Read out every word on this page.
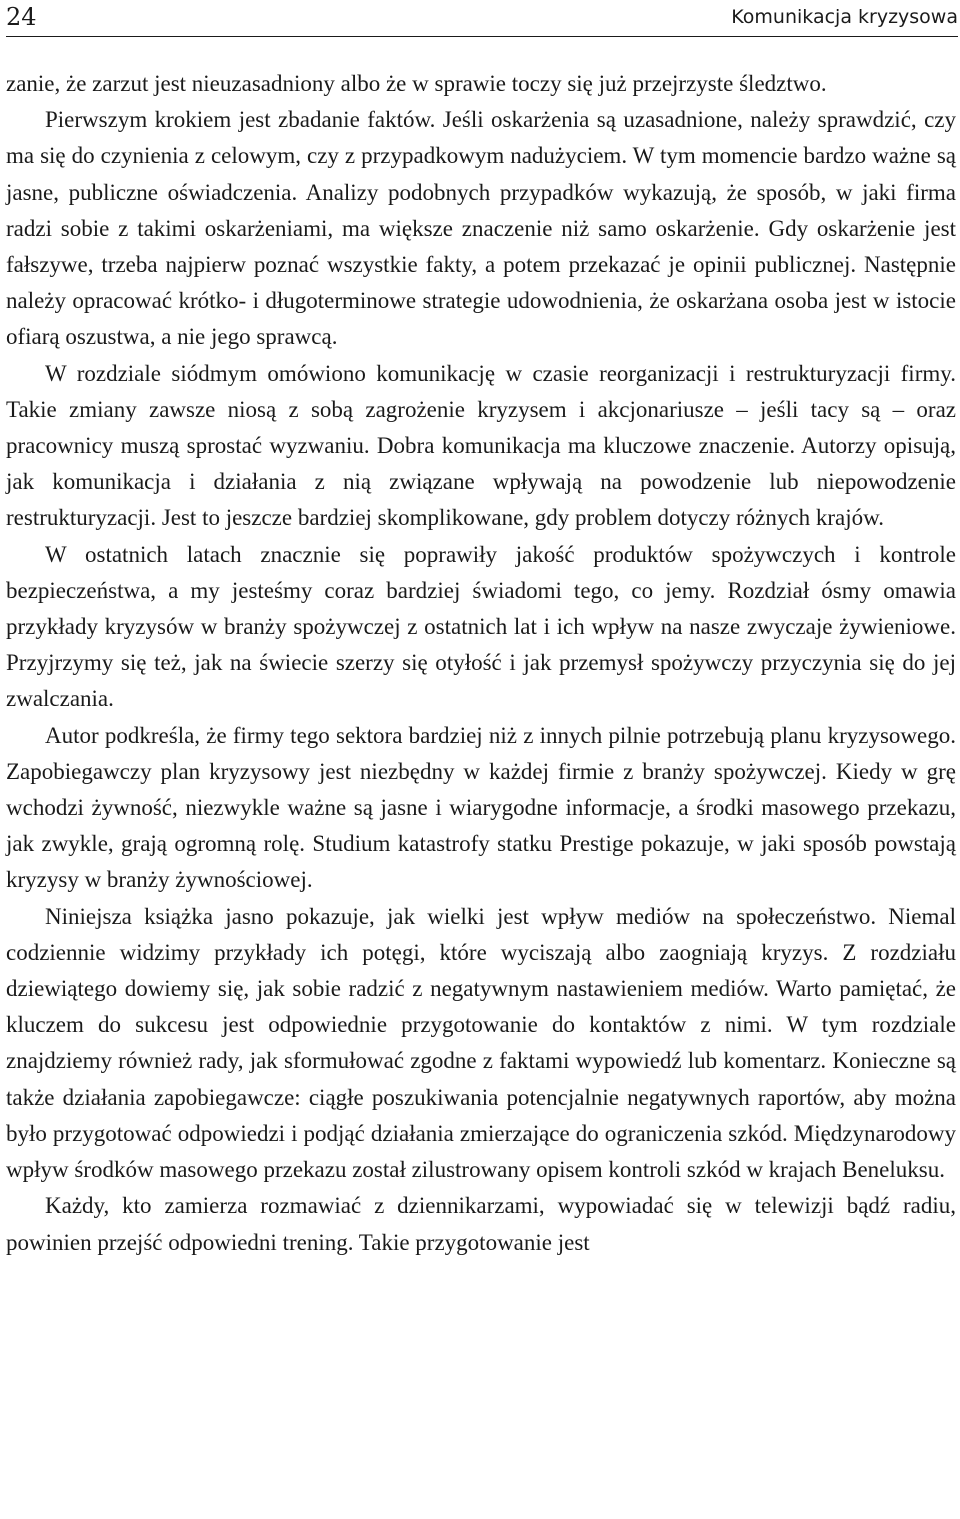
24	Komunikacja kryzysowa

zanie, że zarzut jest nieuzasadniony albo że w sprawie toczy się już przejrzyste śledztwo.

Pierwszym krokiem jest zbadanie faktów. Jeśli oskarżenia są uzasadnione, należy sprawdzić, czy ma się do czynienia z celowym, czy z przypadkowym nadużyciem. W tym momencie bardzo ważne są jasne, publiczne oświadczenia. Analizy podobnych przypadków wykazują, że sposób, w jaki firma radzi sobie z takimi oskarżeniami, ma większe znaczenie niż samo oskarżenie. Gdy oskarżenie jest fałszywe, trzeba najpierw poznać wszystkie fakty, a potem przekazać je opinii publicznej. Następnie należy opracować krótko- i długoterminowe strategie udowodnienia, że oskarżana osoba jest w istocie ofiarą oszustwa, a nie jego sprawcą.

W rozdziale siódmym omówiono komunikację w czasie reorganizacji i restrukturyzacji firmy. Takie zmiany zawsze niosą z sobą zagrożenie kryzysem i akcjonariusze – jeśli tacy są – oraz pracownicy muszą sprostać wyzwaniu. Dobra komunikacja ma kluczowe znaczenie. Autorzy opisują, jak komunikacja i działania z nią związane wpływają na powodzenie lub niepowodzenie restrukturyzacji. Jest to jeszcze bardziej skomplikowane, gdy problem dotyczy różnych krajów.

W ostatnich latach znacznie się poprawiły jakość produktów spożywczych i kontrole bezpieczeństwa, a my jesteśmy coraz bardziej świadomi tego, co jemy. Rozdział ósmy omawia przykłady kryzysów w branży spożywczej z ostatnich lat i ich wpływ na nasze zwyczaje żywieniowe. Przyjrzymy się też, jak na świecie szerzy się otyłość i jak przemysł spożywczy przyczynia się do jej zwalczania.

Autor podkreśla, że firmy tego sektora bardziej niż z innych pilnie potrzebują planu kryzysowego. Zapobiegawczy plan kryzysowy jest niezbędny w każdej firmie z branży spożywczej. Kiedy w grę wchodzi żywność, niezwykle ważne są jasne i wiarygodne informacje, a środki masowego przekazu, jak zwykle, grają ogromną rolę. Studium katastrofy statku Prestige pokazuje, w jaki sposób powstają kryzysy w branży żywnościowej.

Niniejsza książka jasno pokazuje, jak wielki jest wpływ mediów na społeczeństwo. Niemal codziennie widzimy przykłady ich potęgi, które wyciszają albo zaogniają kryzys. Z rozdziału dziewiątego dowiemy się, jak sobie radzić z negatywnym nastawieniem mediów. Warto pamiętać, że kluczem do sukcesu jest odpowiednie przygotowanie do kontaktów z nimi. W tym rozdziale znajdziemy również rady, jak sformułować zgodne z faktami wypowiedź lub komentarz. Konieczne są także działania zapobiegawcze: ciągłe poszukiwania potencjalnie negatywnych raportów, aby można było przygotować odpowiedzi i podjąć działania zmierzające do ograniczenia szkód. Międzynarodowy wpływ środków masowego przekazu został zilustrowany opisem kontroli szkód w krajach Beneluksu.

Każdy, kto zamierza rozmawiać z dziennikarzami, wypowiadać się w telewizji bądź radiu, powinien przejść odpowiedni trening. Takie przygotowanie jest
